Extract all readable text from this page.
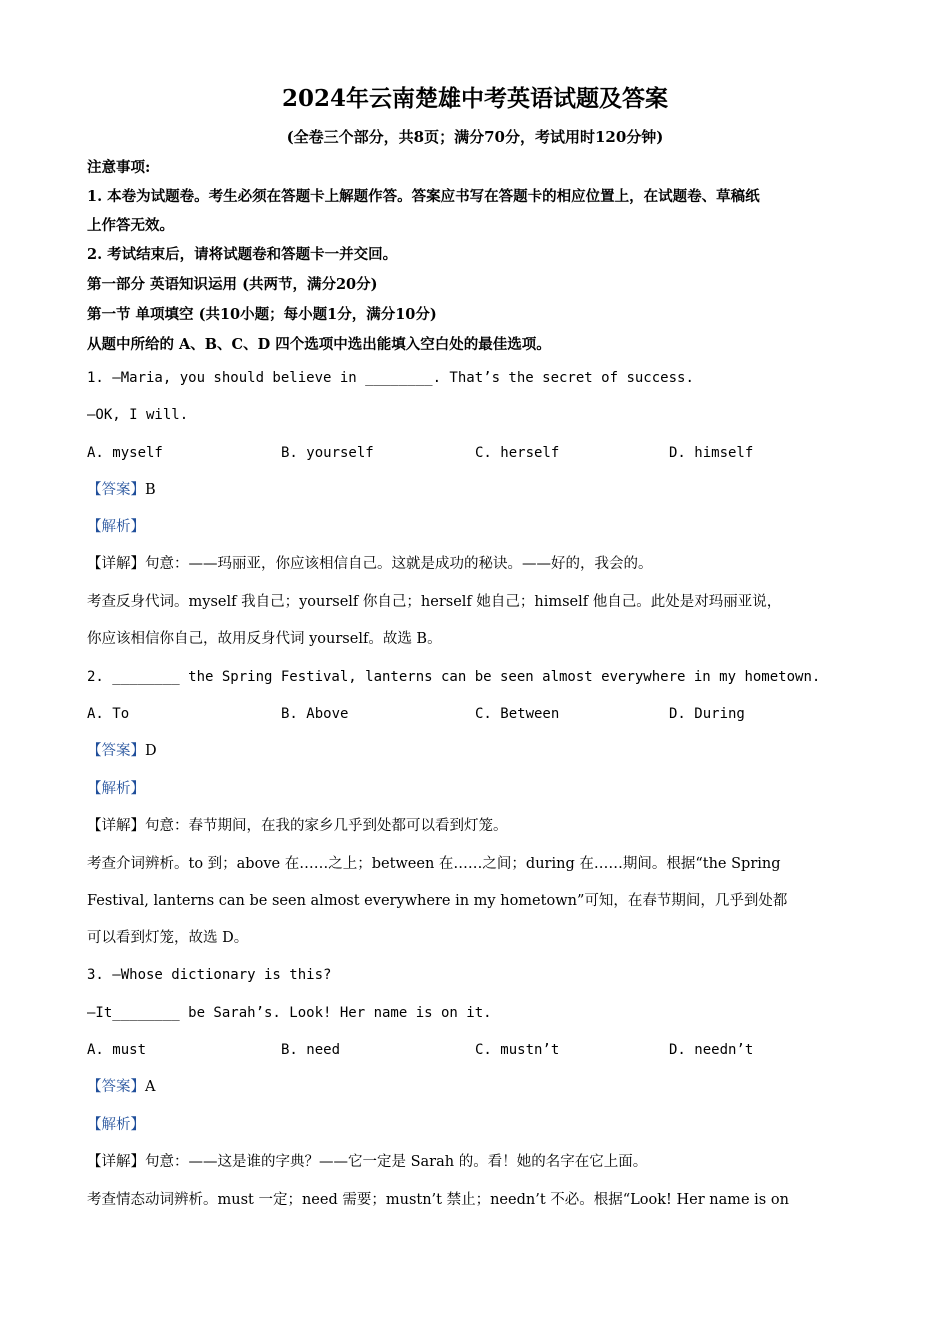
2024年云南楚雄中考英语试题及答案
(全卷三个部分，共8页；满分70分，考试用时120分钟)
注意事项:
1. 本卷为试题卷。考生必须在答题卡上解题作答。答案应书写在答题卡的相应位置上，在试题卷、草稿纸
上作答无效。
2. 考试结束后，请将试题卷和答题卡一并交回。
第一部分 英语知识运用 (共两节，满分20分)
第一节 单项填空 (共10小题；每小题1分，满分10分)
从题中所给的 A、B、C、D 四个选项中选出能填入空白处的最佳选项。
1. —Maria, you should believe in ________. That’s the secret of success.
—OK, I will.
A. myself	B. yourself	C. herself	D. himself
【答案】B
【解析】
【详解】句意：——玛丽亚，你应该相信自己。这就是成功的秘诀。——好的，我会的。
考查反身代词。myself 我自己；yourself 你自己；herself 她自己；himself 他自己。此处是对玛丽亚说，
你应该相信你自己，故用反身代词 yourself。故选 B。
2. ________ the Spring Festival, lanterns can be seen almost everywhere in my hometown.
A. To	B. Above	C. Between	D. During
【答案】D
【解析】
【详解】句意：春节期间，在我的家乡几乎到处都可以看到灯笼。
考查介词辨析。to 到；above 在……之上；between 在……之间；during 在……期间。根据“the Spring
Festival, lanterns can be seen almost everywhere in my hometown”可知，在春节期间，几乎到处都
可以看到灯笼，故选 D。
3. —Whose dictionary is this?
—It________ be Sarah’s. Look! Her name is on it.
A. must	B. need	C. mustn’t	D. needn’t
【答案】A
【解析】
【详解】句意：——这是谁的字典？——它一定是 Sarah 的。看！她的名字在它上面。
考查情态动词辨析。must 一定；need 需要；mustn’t 禁止；needn’t 不必。根据“Look! Her name is on
